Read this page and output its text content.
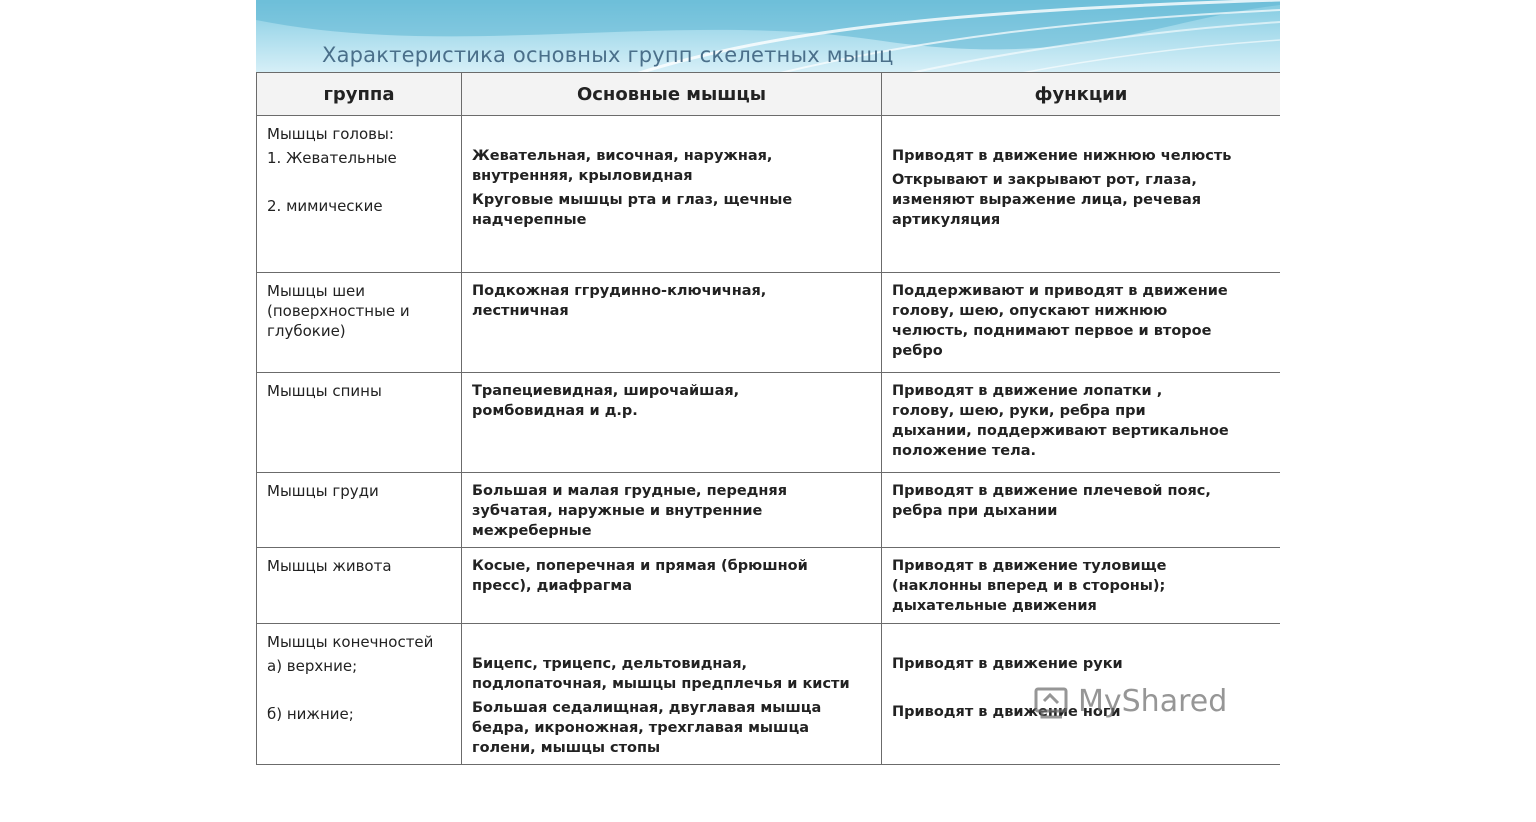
Характеристика основных групп скелетных мышц
группа	Основные мышцы	функции

Мышцы головы:
1. Жевательные
2. мимические	Жевательная, височная, наружная,
внутренняя, крыловидная
Круговые мышцы рта и глаз, щечные
надчерепные	Приводят в движение нижнюю челюсть
Открывают и закрывают рот, глаза,
изменяют выражение лица, речевая
артикуляция

Мышцы шеи
(поверхностные и
глубокие)	Подкожная ггрудинно-ключичная,
лестничная	Поддерживают и приводят в движение
голову, шею, опускают нижнюю
челюсть, поднимают первое и второе
ребро

Мышцы спины	Трапециевидная, широчайшая,
ромбовидная и д.р.	Приводят в движение лопатки ,
голову, шею, руки, ребра при
дыхании, поддерживают вертикальное
положение тела.

Мышцы груди	Большая и малая грудные, передняя
зубчатая, наружные и внутренние
межреберные	Приводят в движение плечевой пояс,
ребра при дыхании

Мышцы живота	Косые, поперечная и прямая (брюшной
пресс), диафрагма	Приводят в движение туловище
(наклонны вперед и в стороны);
дыхательные движения

Мышцы конечностей
а) верхние;
б) нижние;	Бицепс, трицепс, дельтовидная,
подлопаточная, мышцы предплечья и кисти
Большая седалищная, двуглавая мышца
бедра, икроножная, трехглавая мышца
голени, мышцы стопы	Приводят в движение руки
Приводят в движение ноги
MyShared
